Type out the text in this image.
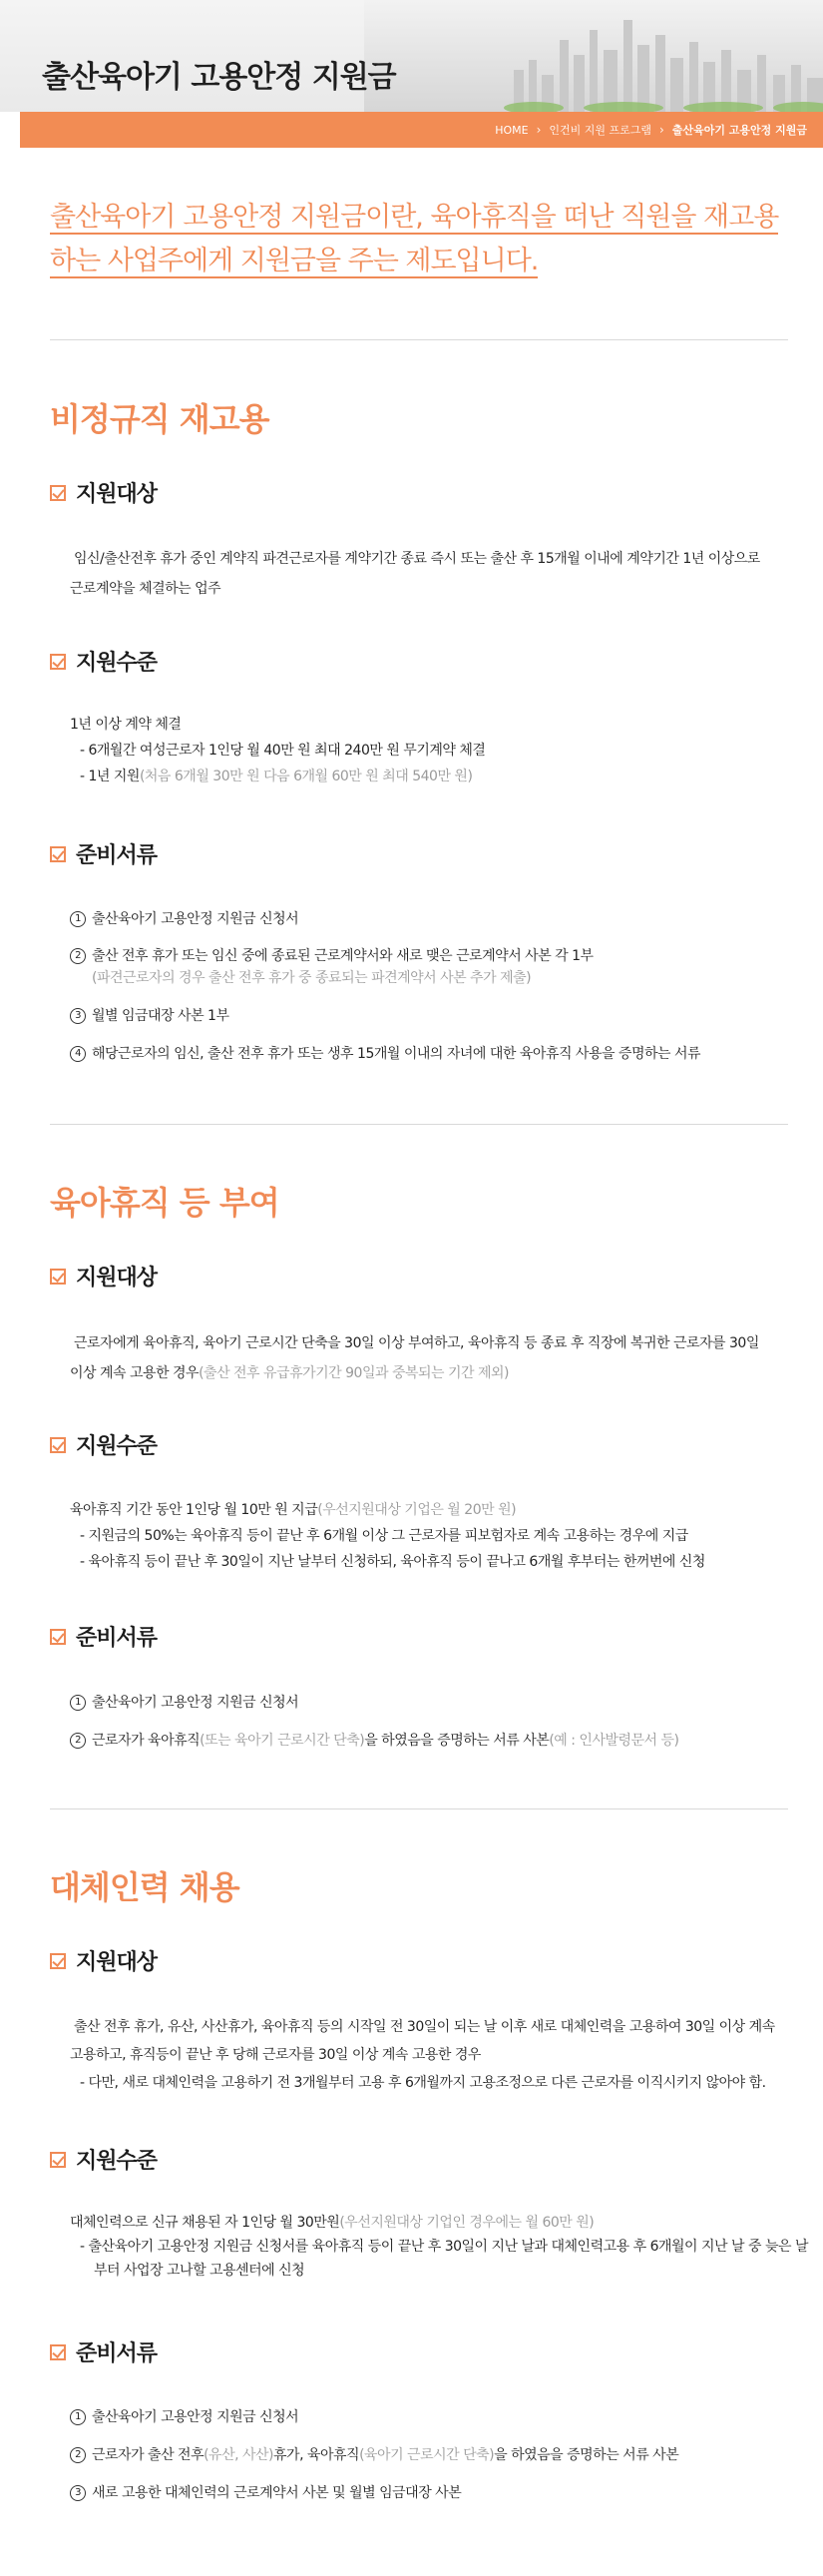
출산육아기 고용안정 지원금
HOME › 인건비 지원 프로그램 › 출산육아기 고용안정 지원금
출산육아기 고용안정 지원금이란, 육아휴직을 떠난 직원을 재고용
하는 사업주에게 지원금을 주는 제도입니다.
비정규직 재고용
지원대상
임신/출산전후 휴가 중인 계약직 파견근로자를 계약기간 종료 즉시 또는 출산 후 15개월 이내에 계약기간 1년 이상으로
근로계약을 체결하는 업주
지원수준
1년 이상 계약 체결
- 6개월간 여성근로자 1인당 월 40만 원 최대 240만 원 무기계약 체결
- 1년 지원(처음 6개월 30만 원 다음 6개월 60만 원 최대 540만 원)
준비서류
1 출산육아기 고용안정 지원금 신청서
2 출산 전후 휴가 또는 임신 중에 종료된 근로계약서와 새로 맺은 근로계약서 사본 각 1부
(파견근로자의 경우 출산 전후 휴가 중 종료되는 파견계약서 사본 추가 제출)
3 월별 임금대장 사본 1부
4 해당근로자의 임신, 출산 전후 휴가 또는 생후 15개월 이내의 자녀에 대한 육아휴직 사용을 증명하는 서류
육아휴직 등 부여
지원대상
근로자에게 육아휴직, 육아기 근로시간 단축을 30일 이상 부여하고, 육아휴직 등 종료 후 직장에 복귀한 근로자를 30일
이상 계속 고용한 경우(출산 전후 유급휴가기간 90일과 중복되는 기간 제외)
지원수준
육아휴직 기간 동안 1인당 월 10만 원 지급(우선지원대상 기업은 월 20만 원)
- 지원금의 50%는 육아휴직 등이 끝난 후 6개월 이상 그 근로자를 피보험자로 계속 고용하는 경우에 지급
- 육아휴직 등이 끝난 후 30일이 지난 날부터 신청하되, 육아휴직 등이 끝나고 6개월 후부터는 한꺼번에 신청
준비서류
1 출산육아기 고용안정 지원금 신청서
2 근로자가 육아휴직(또는 육아기 근로시간 단축)을 하였음을 증명하는 서류 사본(예 : 인사발령문서 등)
대체인력 채용
지원대상
출산 전후 휴가, 유산, 사산휴가, 육아휴직 등의 시작일 전 30일이 되는 날 이후 새로 대체인력을 고용하여 30일 이상 계속
고용하고, 휴직등이 끝난 후 당해 근로자를 30일 이상 계속 고용한 경우
- 다만, 새로 대체인력을 고용하기 전 3개월부터 고용 후 6개월까지 고용조정으로 다른 근로자를 이직시키지 않아야 함.
지원수준
대체인력으로 신규 채용된 자 1인당 월 30만원(우선지원대상 기업인 경우에는 월 60만 원)
- 출산육아기 고용안정 지원금 신청서를 육아휴직 등이 끝난 후 30일이 지난 날과 대체인력고용 후 6개월이 지난 날 중 늦은 날부터 사업장 고나할 고용센터에 신청
준비서류
1 출산육아기 고용안정 지원금 신청서
2 근로자가 출산 전후(유산, 사산)휴가, 육아휴직(육아기 근로시간 단축)을 하였음을 증명하는 서류 사본
3 새로 고용한 대체인력의 근로계약서 사본 및 월별 임금대장 사본
